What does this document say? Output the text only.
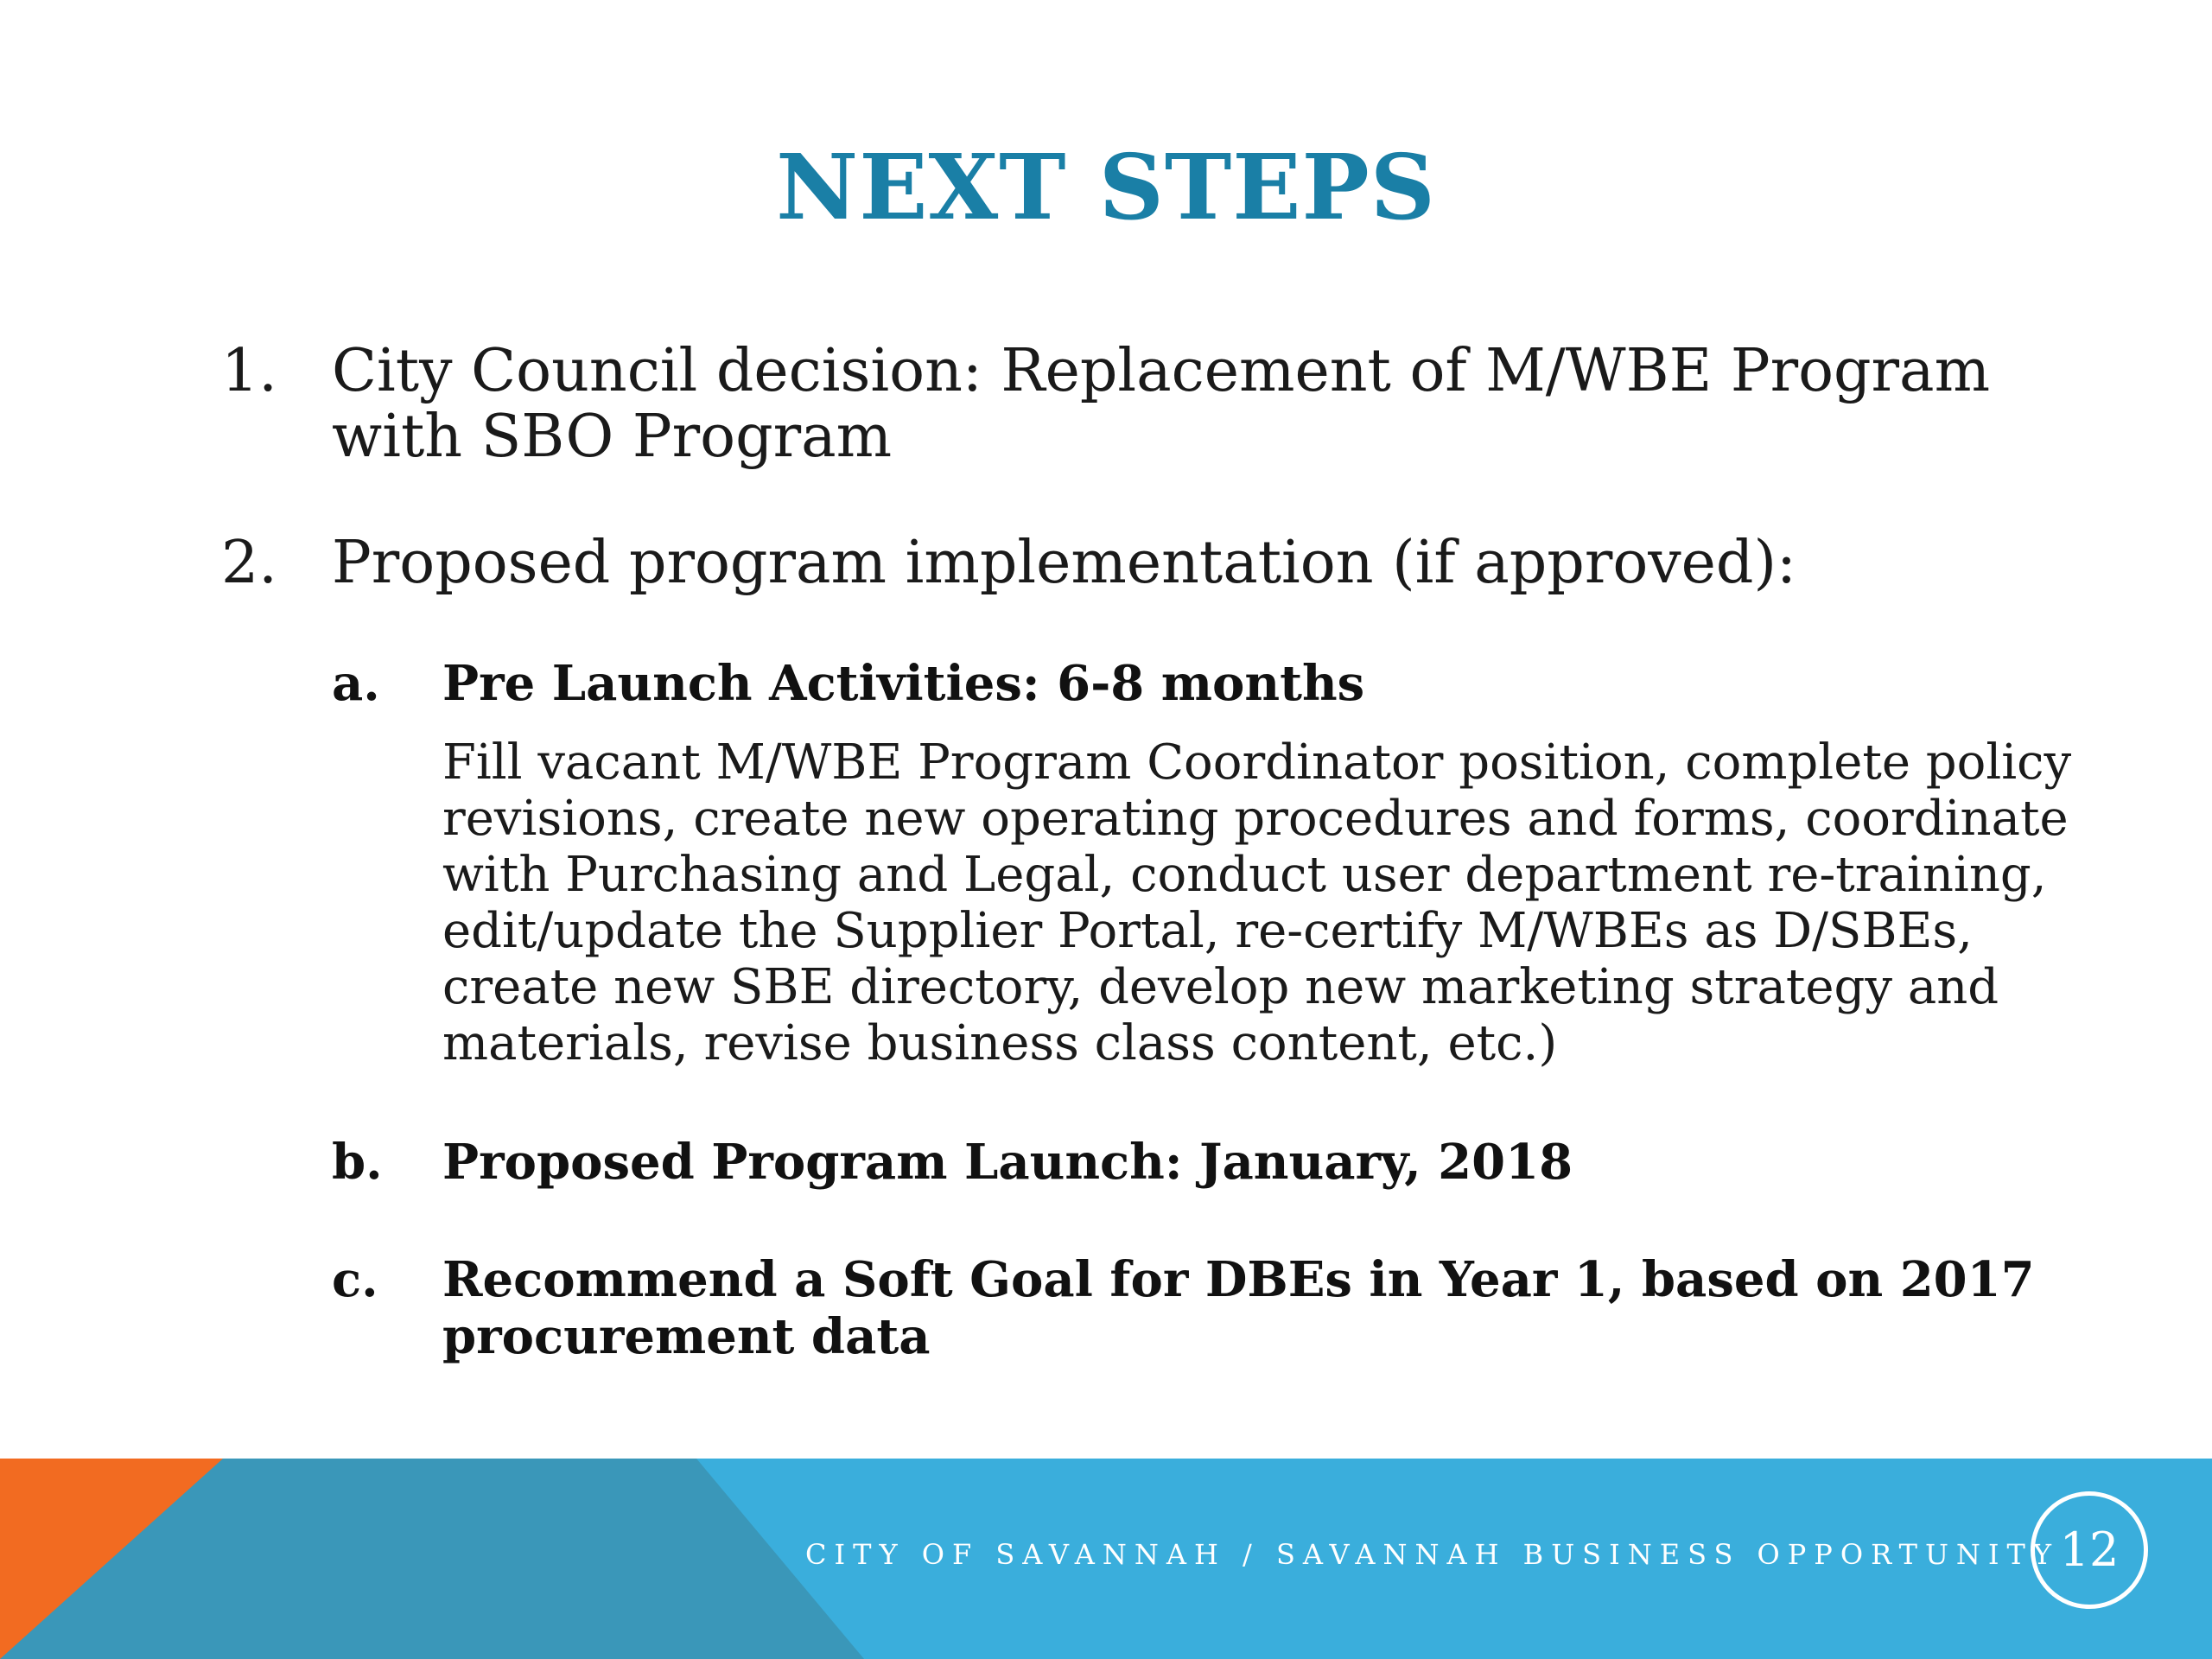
NEXT STEPS
1. City Council decision: Replacement of M/WBE Program with SBO Program
2. Proposed program implementation (if approved):
a.	Pre Launch Activities: 6-8 months
Fill vacant M/WBE Program Coordinator position, complete policy revisions, create new operating procedures and forms, coordinate with Purchasing and Legal, conduct user department re-training, edit/update the Supplier Portal, re-certify M/WBEs as D/SBEs, create new SBE directory, develop new marketing strategy and materials, revise business class content, etc.)
b.	Proposed Program Launch: January, 2018
c.	Recommend a Soft Goal for DBEs in Year 1, based on 2017 procurement data
CITY OF SAVANNAH / SAVANNAH BUSINESS OPPORTUNITY 12
